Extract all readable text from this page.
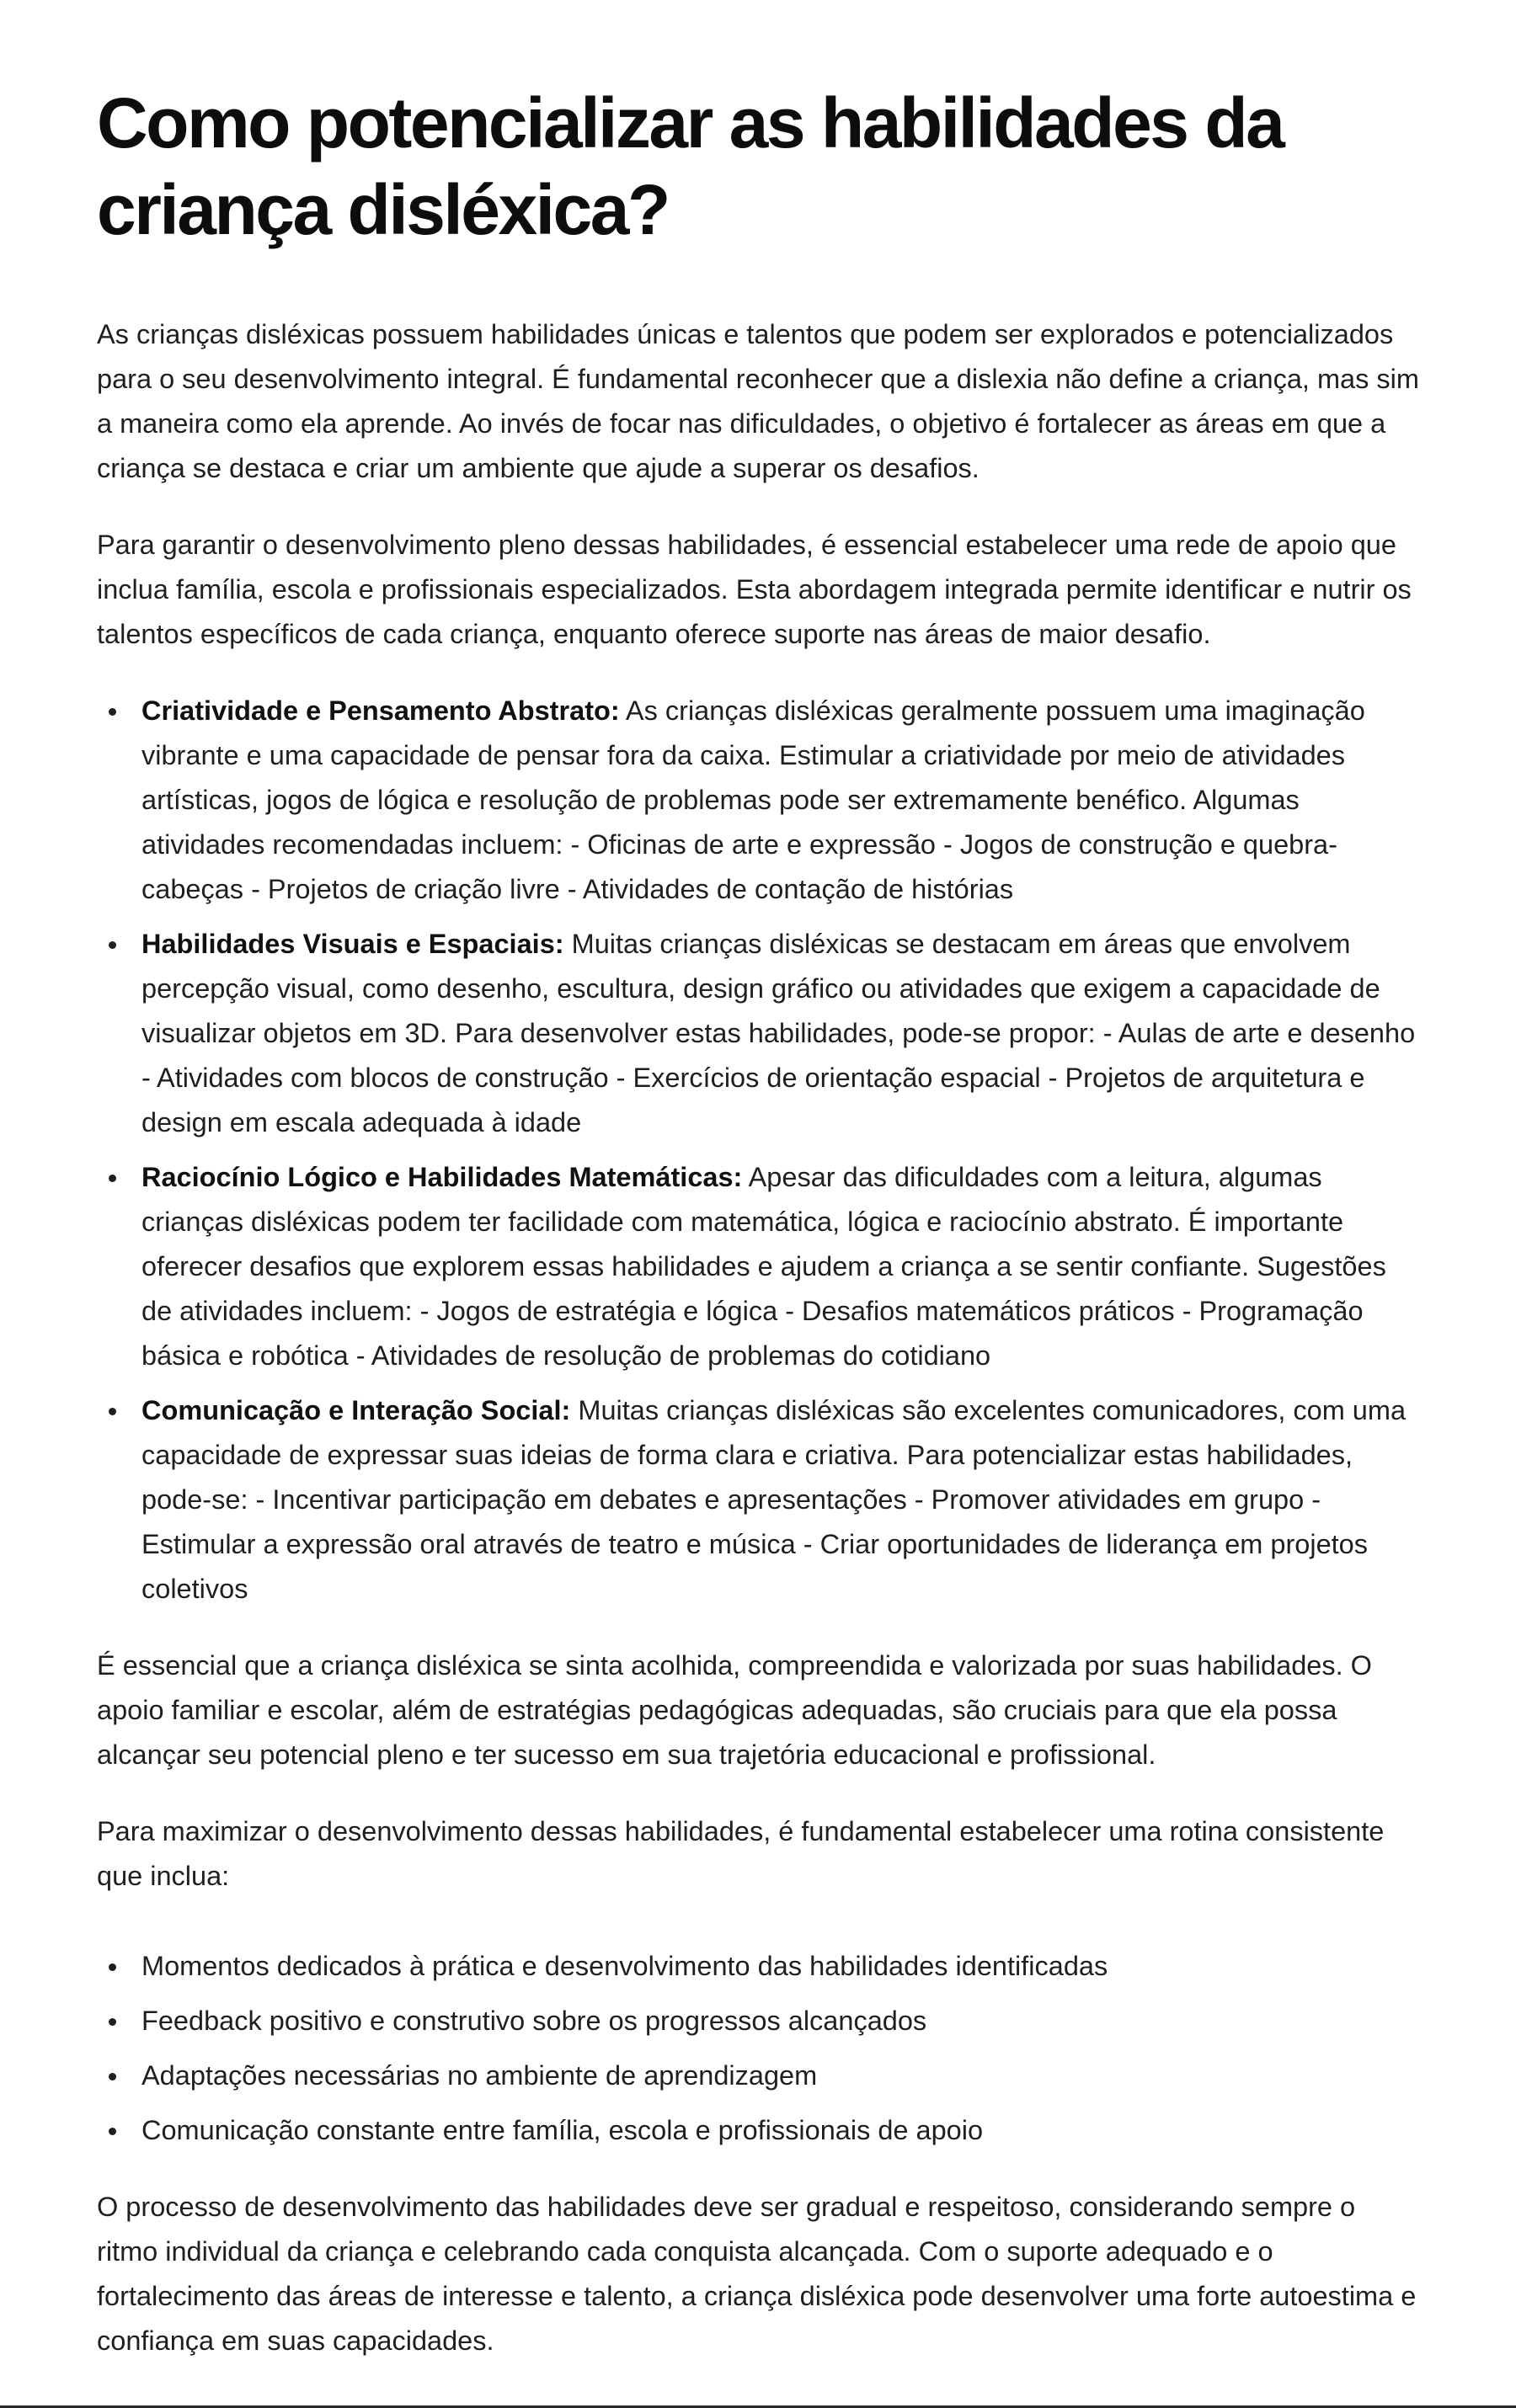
Como potencializar as habilidades da criança disléxica?

As crianças disléxicas possuem habilidades únicas e talentos que podem ser explorados e potencializados para o seu desenvolvimento integral. É fundamental reconhecer que a dislexia não define a criança, mas sim a maneira como ela aprende. Ao invés de focar nas dificuldades, o objetivo é fortalecer as áreas em que a criança se destaca e criar um ambiente que ajude a superar os desafios.

Para garantir o desenvolvimento pleno dessas habilidades, é essencial estabelecer uma rede de apoio que inclua família, escola e profissionais especializados. Esta abordagem integrada permite identificar e nutrir os talentos específicos de cada criança, enquanto oferece suporte nas áreas de maior desafio.

Criatividade e Pensamento Abstrato: As crianças disléxicas geralmente possuem uma imaginação vibrante e uma capacidade de pensar fora da caixa. Estimular a criatividade por meio de atividades artísticas, jogos de lógica e resolução de problemas pode ser extremamente benéfico. Algumas atividades recomendadas incluem: - Oficinas de arte e expressão - Jogos de construção e quebra-cabeças - Projetos de criação livre - Atividades de contação de histórias
Habilidades Visuais e Espaciais: Muitas crianças disléxicas se destacam em áreas que envolvem percepção visual, como desenho, escultura, design gráfico ou atividades que exigem a capacidade de visualizar objetos em 3D. Para desenvolver estas habilidades, pode-se propor: - Aulas de arte e desenho - Atividades com blocos de construção - Exercícios de orientação espacial - Projetos de arquitetura e design em escala adequada à idade
Raciocínio Lógico e Habilidades Matemáticas: Apesar das dificuldades com a leitura, algumas crianças disléxicas podem ter facilidade com matemática, lógica e raciocínio abstrato. É importante oferecer desafios que explorem essas habilidades e ajudem a criança a se sentir confiante. Sugestões de atividades incluem: - Jogos de estratégia e lógica - Desafios matemáticos práticos - Programação básica e robótica - Atividades de resolução de problemas do cotidiano
Comunicação e Interação Social: Muitas crianças disléxicas são excelentes comunicadores, com uma capacidade de expressar suas ideias de forma clara e criativa. Para potencializar estas habilidades, pode-se: - Incentivar participação em debates e apresentações - Promover atividades em grupo - Estimular a expressão oral através de teatro e música - Criar oportunidades de liderança em projetos coletivos

É essencial que a criança disléxica se sinta acolhida, compreendida e valorizada por suas habilidades. O apoio familiar e escolar, além de estratégias pedagógicas adequadas, são cruciais para que ela possa alcançar seu potencial pleno e ter sucesso em sua trajetória educacional e profissional.

Para maximizar o desenvolvimento dessas habilidades, é fundamental estabelecer uma rotina consistente que inclua:

Momentos dedicados à prática e desenvolvimento das habilidades identificadas
Feedback positivo e construtivo sobre os progressos alcançados
Adaptações necessárias no ambiente de aprendizagem
Comunicação constante entre família, escola e profissionais de apoio

O processo de desenvolvimento das habilidades deve ser gradual e respeitoso, considerando sempre o ritmo individual da criança e celebrando cada conquista alcançada. Com o suporte adequado e o fortalecimento das áreas de interesse e talento, a criança disléxica pode desenvolver uma forte autoestima e confiança em suas capacidades.
